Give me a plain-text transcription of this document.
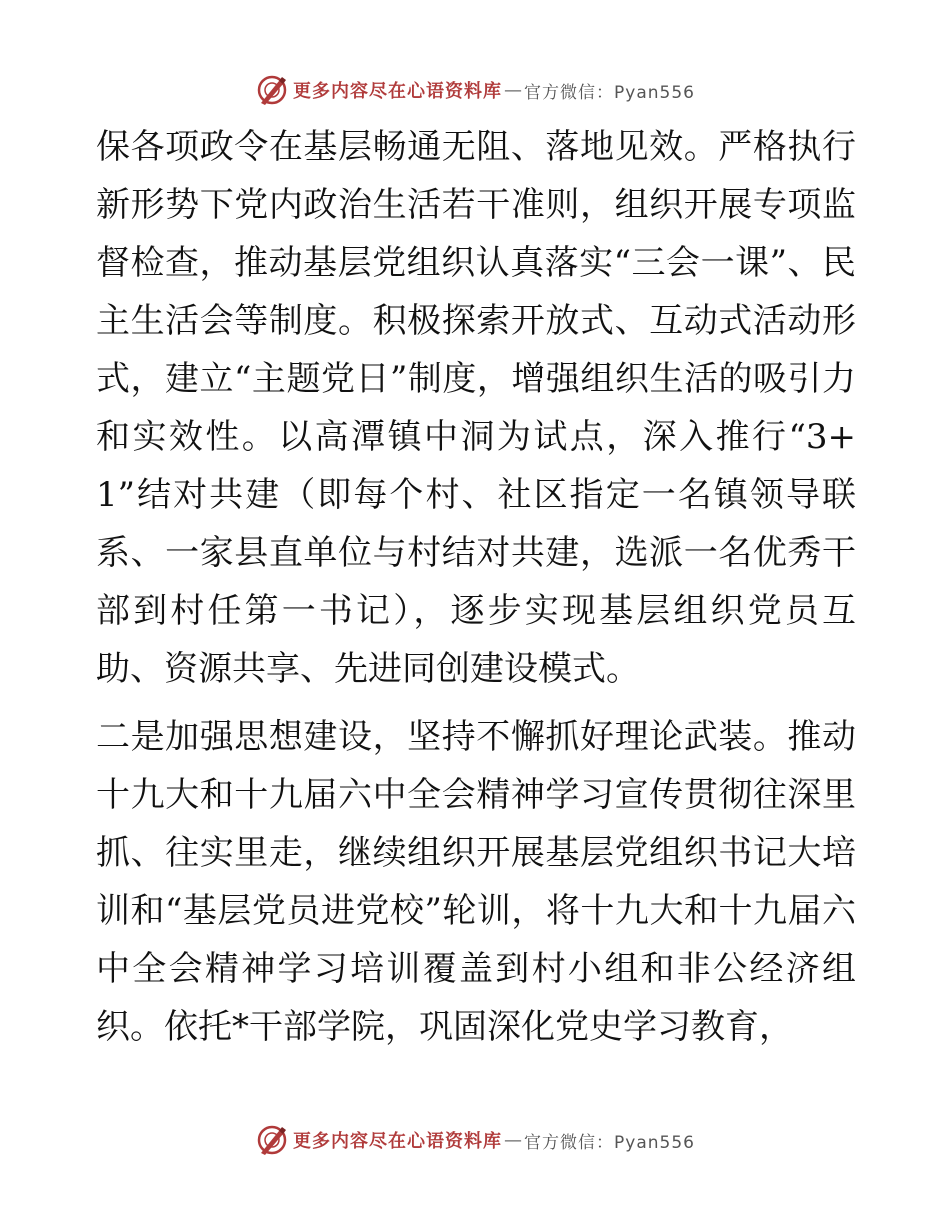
更多内容尽在心语资料库 — 官方微信：Pyan556

保各项政令在基层畅通无阻、落地见效。严格执行新形势下党内政治生活若干准则，组织开展专项监督检查，推动基层党组织认真落实“三会一课”、民主生活会等制度。积极探索开放式、互动式活动形式，建立“主题党日”制度，增强组织生活的吸引力和实效性。以高潭镇中洞为试点，深入推行“3+1”结对共建（即每个村、社区指定一名镇领导联系、一家县直单位与村结对共建，选派一名优秀干部到村任第一书记），逐步实现基层组织党员互助、资源共享、先进同创建设模式。

二是加强思想建设，坚持不懈抓好理论武装。推动十九大和十九届六中全会精神学习宣传贯彻往深里抓、往实里走，继续组织开展基层党组织书记大培训和“基层党员进党校”轮训，将十九大和十九届六中全会精神学习培训覆盖到村小组和非公经济组织。依托*干部学院，巩固深化党史学习教育，

更多内容尽在心语资料库 — 官方微信：Pyan556
